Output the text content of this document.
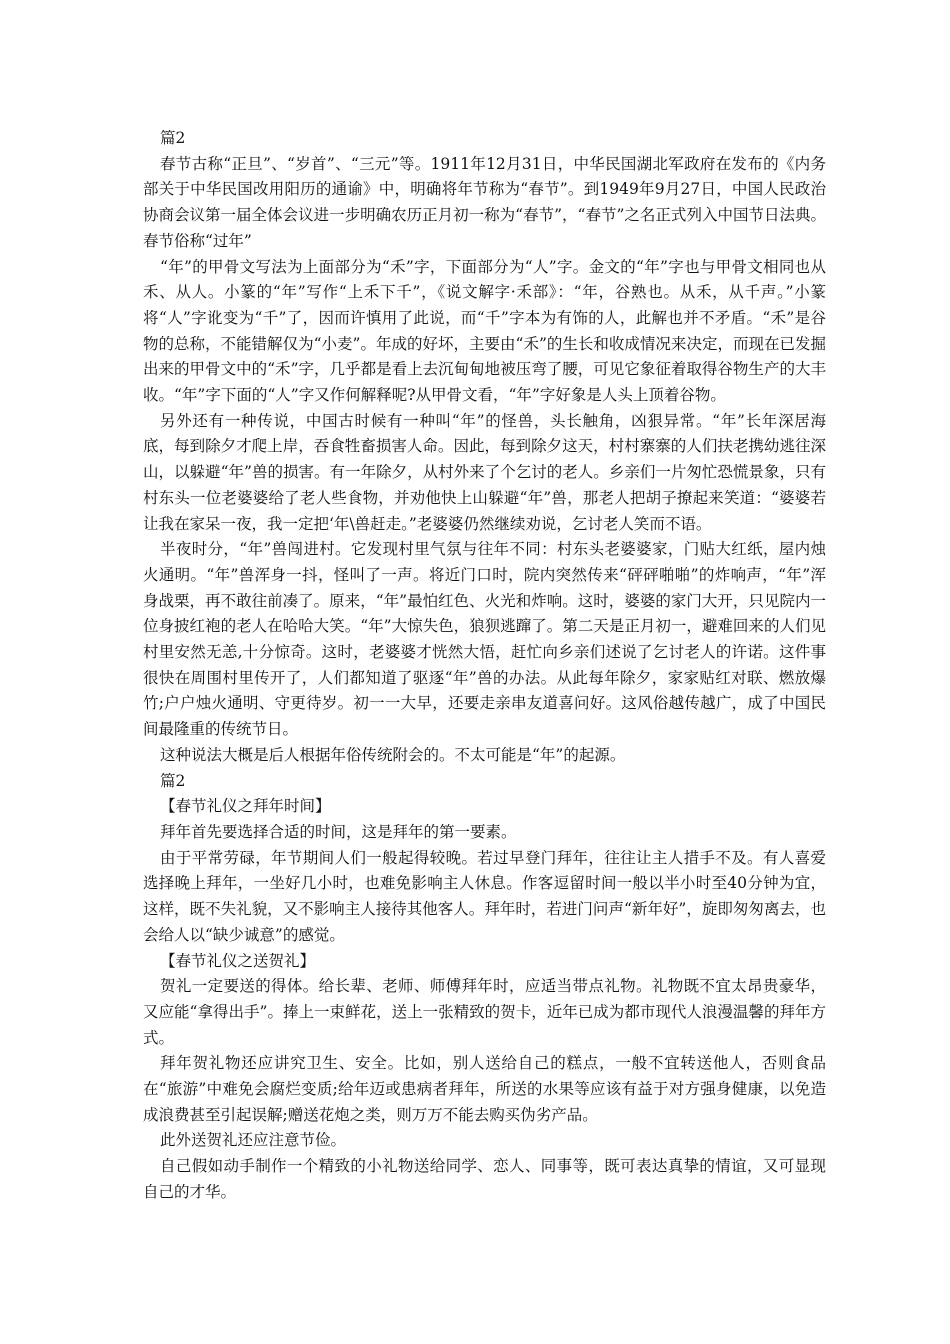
篇2

春节古称“正旦”、“岁首”、“三元”等。1911年12月31日，中华民国湖北军政府在发布的《内务部关于中华民国改用阳历的通谕》中，明确将年节称为“春节”。到1949年9月27日，中国人民政治协商会议第一届全体会议进一步明确农历正月初一称为“春节”，“春节”之名正式列入中国节日法典。春节俗称“过年”

“年”的甲骨文写法为上面部分为“禾”字，下面部分为“人”字。金文的“年”字也与甲骨文相同也从禾、从人。小篆的“年”写作“上禾下千”，《说文解字·禾部》：“年，谷熟也。从禾，从千声。”小篆将“人”字讹变为“千”了，因而许慎用了此说，而“千”字本为有饰的人，此解也并不矛盾。“禾”是谷物的总称，不能错解仅为“小麦”。年成的好坏，主要由“禾”的生长和收成情况来决定，而现在已发掘出来的甲骨文中的“禾”字，几乎都是看上去沉甸甸地被压弯了腰，可见它象征着取得谷物生产的大丰收。“年”字下面的“人”字又作何解释呢?从甲骨文看，“年”字好象是人头上顶着谷物。

另外还有一种传说，中国古时候有一种叫“年”的怪兽，头长触角，凶狠异常。“年”长年深居海底，每到除夕才爬上岸，吞食牲畜损害人命。因此，每到除夕这天，村村寨寨的人们扶老携幼逃往深山，以躲避“年”兽的损害。有一年除夕，从村外来了个乞讨的老人。乡亲们一片匆忙恐慌景象，只有村东头一位老婆婆给了老人些食物，并劝他快上山躲避“年”兽，那老人把胡子撩起来笑道：“婆婆若让我在家呆一夜，我一定把‘年\兽赶走。”老婆婆仍然继续劝说，乞讨老人笑而不语。

半夜时分，“年”兽闯进村。它发现村里气氛与往年不同：村东头老婆婆家，门贴大红纸，屋内烛火通明。“年”兽浑身一抖，怪叫了一声。将近门口时，院内突然传来“砰砰啪啪”的炸响声，“年”浑身战栗，再不敢往前凑了。原来，“年”最怕红色、火光和炸响。这时，婆婆的家门大开，只见院内一位身披红袍的老人在哈哈大笑。“年”大惊失色，狼狈逃蹿了。第二天是正月初一，避难回来的人们见村里安然无恙,十分惊奇。这时，老婆婆才恍然大悟，赶忙向乡亲们述说了乞讨老人的许诺。这件事很快在周围村里传开了，人们都知道了驱逐“年”兽的办法。从此每年除夕，家家贴红对联、燃放爆竹;户户烛火通明、守更待岁。初一一大早，还要走亲串友道喜问好。这风俗越传越广，成了中国民间最隆重的传统节日。

这种说法大概是后人根据年俗传统附会的。不太可能是“年”的起源。

篇2

【春节礼仪之拜年时间】

拜年首先要选择合适的时间，这是拜年的第一要素。

由于平常劳碌，年节期间人们一般起得较晚。若过早登门拜年，往往让主人措手不及。有人喜爱选择晚上拜年，一坐好几小时，也难免影响主人休息。作客逗留时间一般以半小时至40分钟为宜，这样，既不失礼貌，又不影响主人接待其他客人。拜年时，若进门问声“新年好”，旋即匆匆离去，也会给人以“缺少诚意”的感觉。

【春节礼仪之送贺礼】

贺礼一定要送的得体。给长辈、老师、师傅拜年时，应适当带点礼物。礼物既不宜太昂贵豪华，又应能“拿得出手”。捧上一束鲜花，送上一张精致的贺卡，近年已成为都市现代人浪漫温馨的拜年方式。

拜年贺礼物还应讲究卫生、安全。比如，别人送给自己的糕点，一般不宜转送他人，否则食品在“旅游”中难免会腐烂变质;给年迈或患病者拜年，所送的水果等应该有益于对方强身健康，以免造成浪费甚至引起误解;赠送花炮之类，则万万不能去购买伪劣产品。

此外送贺礼还应注意节俭。

自己假如动手制作一个精致的小礼物送给同学、恋人、同事等，既可表达真挚的情谊，又可显现自己的才华。
